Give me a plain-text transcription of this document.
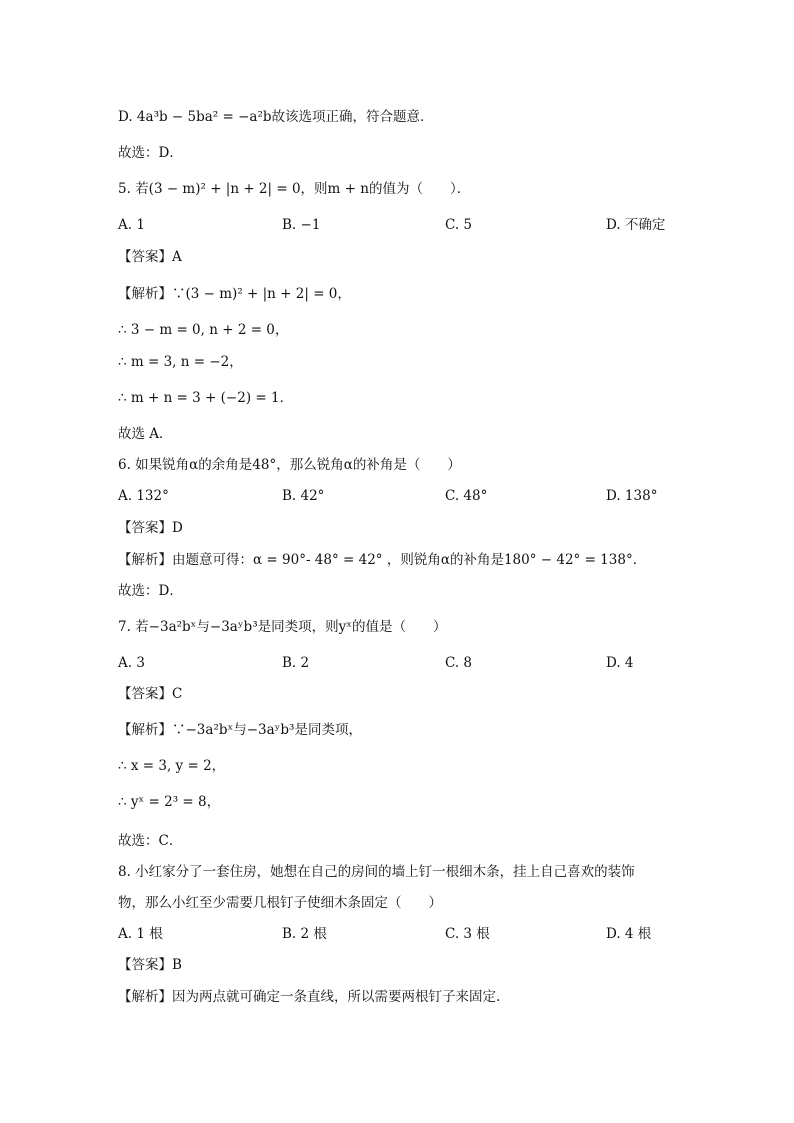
D. 4a³b − 5ba² = −a²b故该选项正确，符合题意．
故选：D．
5. 若(3 − m)² + |n + 2| = 0，则m + n的值为（　　）．
A. 1	B. −1	C. 5	D. 不确定
【答案】A
【解析】∵(3 − m)² + |n + 2| = 0，
∴ 3 − m = 0, n + 2 = 0，
∴ m = 3, n = −2，
∴ m + n = 3 + (−2) = 1．
故选 A．
6. 如果锐角α的余角是48°，那么锐角α的补角是（　　）
A. 132°	B. 42°	C. 48°	D. 138°
【答案】D
【解析】由题意可得：α = 90°- 48° = 42° ，则锐角α的补角是180° − 42° = 138°．
故选：D．
7. 若−3a²bˣ与−3aʸb³是同类项，则yˣ的值是（　　）
A. 3	B. 2	C. 8	D. 4
【答案】C
【解析】∵−3a²bˣ与−3aʸb³是同类项，
∴ x = 3, y = 2，
∴ yˣ = 2³ = 8，
故选：C．
8. 小红家分了一套住房，她想在自己的房间的墙上钉一根细木条，挂上自己喜欢的装饰
物，那么小红至少需要几根钉子使细木条固定（　　）
A. 1 根	B. 2 根	C. 3 根	D. 4 根
【答案】B
【解析】因为两点就可确定一条直线，所以需要两根钉子来固定.
